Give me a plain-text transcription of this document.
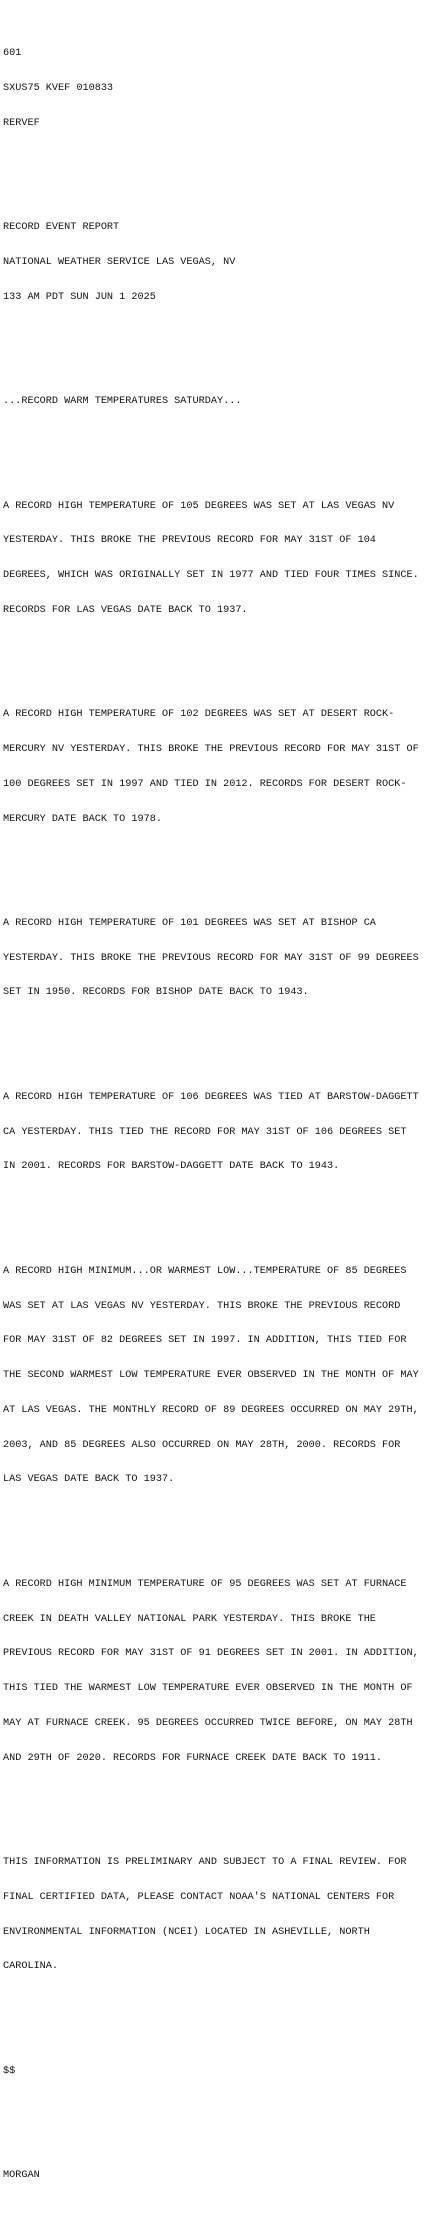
601

SXUS75 KVEF 010833

RERVEF

RECORD EVENT REPORT

NATIONAL WEATHER SERVICE LAS VEGAS, NV

133 AM PDT SUN JUN 1 2025

...RECORD WARM TEMPERATURES SATURDAY...

A RECORD HIGH TEMPERATURE OF 105 DEGREES WAS SET AT LAS VEGAS NV

YESTERDAY. THIS BROKE THE PREVIOUS RECORD FOR MAY 31ST OF 104

DEGREES, WHICH WAS ORIGINALLY SET IN 1977 AND TIED FOUR TIMES SINCE.

RECORDS FOR LAS VEGAS DATE BACK TO 1937.

A RECORD HIGH TEMPERATURE OF 102 DEGREES WAS SET AT DESERT ROCK-

MERCURY NV YESTERDAY. THIS BROKE THE PREVIOUS RECORD FOR MAY 31ST OF

100 DEGREES SET IN 1997 AND TIED IN 2012. RECORDS FOR DESERT ROCK-

MERCURY DATE BACK TO 1978.

A RECORD HIGH TEMPERATURE OF 101 DEGREES WAS SET AT BISHOP CA

YESTERDAY. THIS BROKE THE PREVIOUS RECORD FOR MAY 31ST OF 99 DEGREES

SET IN 1950. RECORDS FOR BISHOP DATE BACK TO 1943.

A RECORD HIGH TEMPERATURE OF 106 DEGREES WAS TIED AT BARSTOW-DAGGETT

CA YESTERDAY. THIS TIED THE RECORD FOR MAY 31ST OF 106 DEGREES SET

IN 2001. RECORDS FOR BARSTOW-DAGGETT DATE BACK TO 1943.

A RECORD HIGH MINIMUM...OR WARMEST LOW...TEMPERATURE OF 85 DEGREES

WAS SET AT LAS VEGAS NV YESTERDAY. THIS BROKE THE PREVIOUS RECORD

FOR MAY 31ST OF 82 DEGREES SET IN 1997. IN ADDITION, THIS TIED FOR

THE SECOND WARMEST LOW TEMPERATURE EVER OBSERVED IN THE MONTH OF MAY

AT LAS VEGAS. THE MONTHLY RECORD OF 89 DEGREES OCCURRED ON MAY 29TH,

2003, AND 85 DEGREES ALSO OCCURRED ON MAY 28TH, 2000. RECORDS FOR

LAS VEGAS DATE BACK TO 1937.

A RECORD HIGH MINIMUM TEMPERATURE OF 95 DEGREES WAS SET AT FURNACE

CREEK IN DEATH VALLEY NATIONAL PARK YESTERDAY. THIS BROKE THE

PREVIOUS RECORD FOR MAY 31ST OF 91 DEGREES SET IN 2001. IN ADDITION,

THIS TIED THE WARMEST LOW TEMPERATURE EVER OBSERVED IN THE MONTH OF

MAY AT FURNACE CREEK. 95 DEGREES OCCURRED TWICE BEFORE, ON MAY 28TH

AND 29TH OF 2020. RECORDS FOR FURNACE CREEK DATE BACK TO 1911.

THIS INFORMATION IS PRELIMINARY AND SUBJECT TO A FINAL REVIEW. FOR

FINAL CERTIFIED DATA, PLEASE CONTACT NOAA'S NATIONAL CENTERS FOR

ENVIRONMENTAL INFORMATION (NCEI) LOCATED IN ASHEVILLE, NORTH

CAROLINA.

$$

MORGAN
